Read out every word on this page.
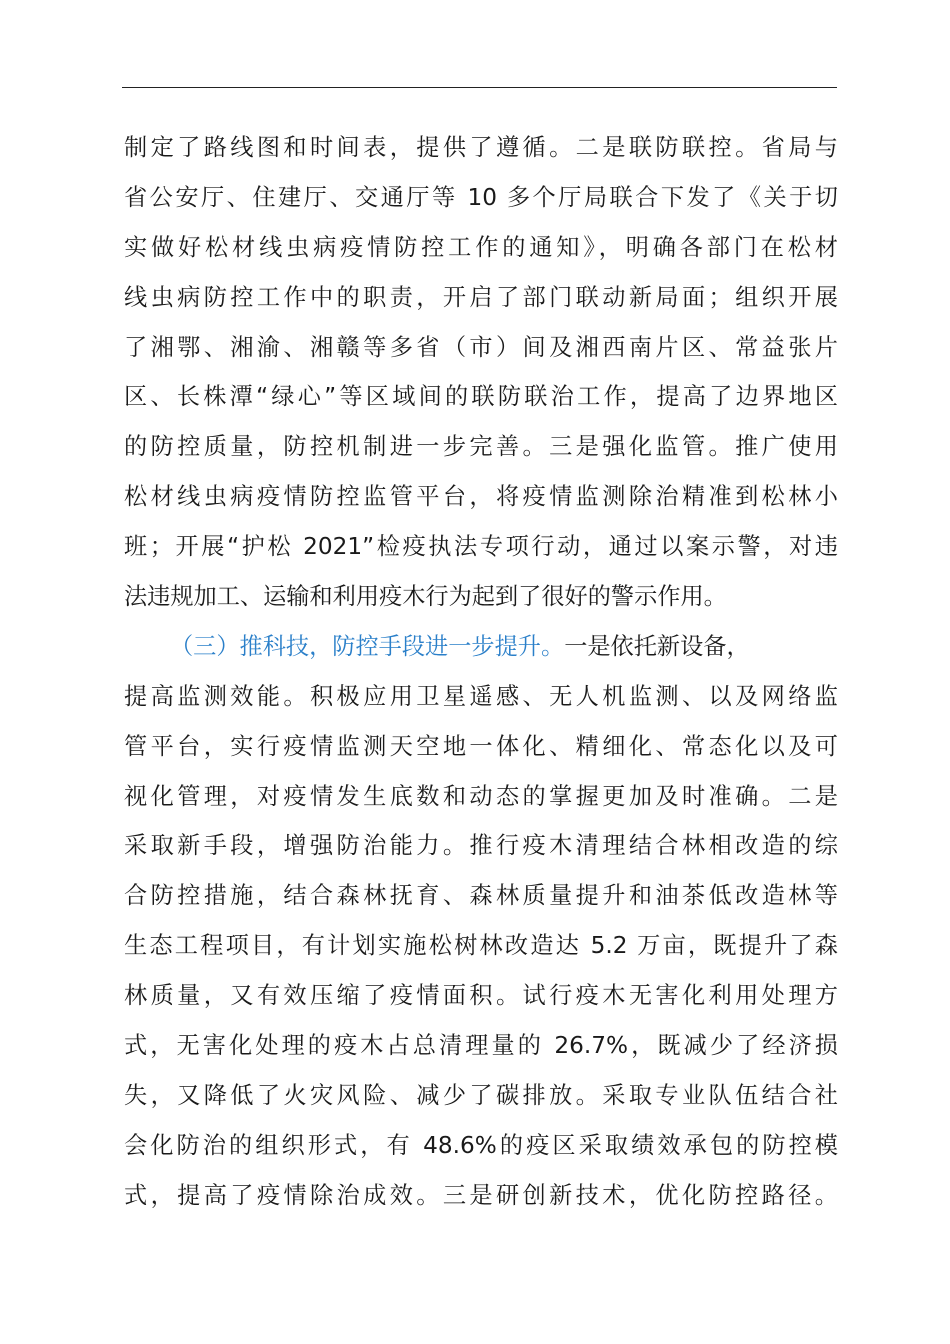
制定了路线图和时间表，提供了遵循。二是联防联控。省局与
省公安厅、住建厅、交通厅等 10 多个厅局联合下发了《关于切
实做好松材线虫病疫情防控工作的通知》，明确各部门在松材
线虫病防控工作中的职责，开启了部门联动新局面；组织开展
了湘鄂、湘渝、湘赣等多省（市）间及湘西南片区、常益张片
区、长株潭“绿心”等区域间的联防联治工作，提高了边界地区
的防控质量，防控机制进一步完善。三是强化监管。推广使用
松材线虫病疫情防控监管平台，将疫情监测除治精准到松林小
班；开展“护松 2021”检疫执法专项行动，通过以案示警，对违
法违规加工、运输和利用疫木行为起到了很好的警示作用。
（三）推科技，防控手段进一步提升。一是依托新设备，
提高监测效能。积极应用卫星遥感、无人机监测、以及网络监
管平台，实行疫情监测天空地一体化、精细化、常态化以及可
视化管理，对疫情发生底数和动态的掌握更加及时准确。二是
采取新手段，增强防治能力。推行疫木清理结合林相改造的综
合防控措施，结合森林抚育、森林质量提升和油茶低改造林等
生态工程项目，有计划实施松树林改造达 5.2 万亩，既提升了森
林质量，又有效压缩了疫情面积。试行疫木无害化利用处理方
式，无害化处理的疫木占总清理量的 26.7%，既减少了经济损
失，又降低了火灾风险、减少了碳排放。采取专业队伍结合社
会化防治的组织形式，有 48.6%的疫区采取绩效承包的防控模
式，提高了疫情除治成效。三是研创新技术，优化防控路径。
